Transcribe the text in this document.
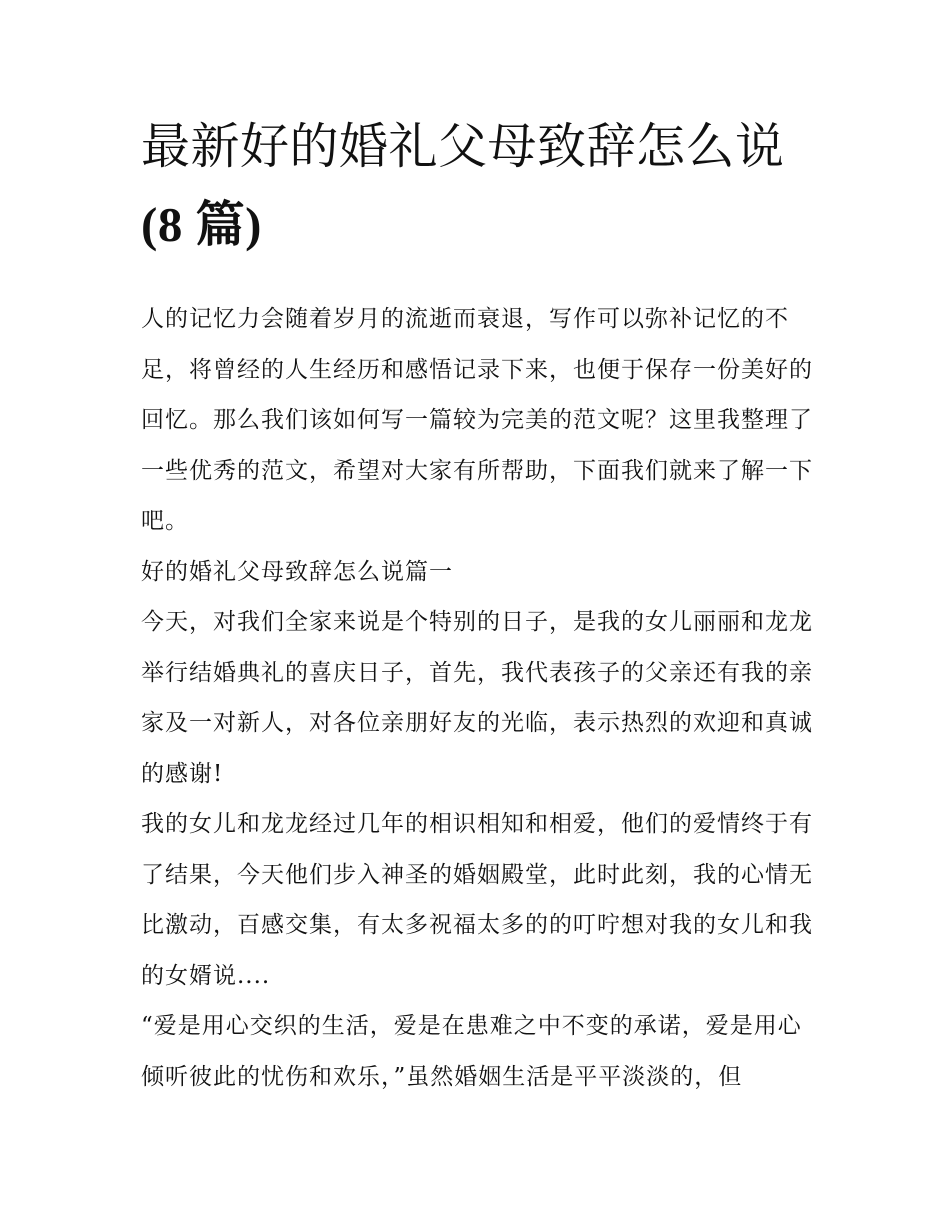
最新好的婚礼父母致辞怎么说
(8 篇)

人的记忆力会随着岁月的流逝而衰退，写作可以弥补记忆的不足，将曾经的人生经历和感悟记录下来，也便于保存一份美好的回忆。那么我们该如何写一篇较为完美的范文呢？这里我整理了一些优秀的范文，希望对大家有所帮助，下面我们就来了解一下吧。

好的婚礼父母致辞怎么说篇一

今天，对我们全家来说是个特别的日子，是我的女儿丽丽和龙龙举行结婚典礼的喜庆日子，首先，我代表孩子的父亲还有我的亲家及一对新人，对各位亲朋好友的光临，表示热烈的欢迎和真诚的感谢!

我的女儿和龙龙经过几年的相识相知和相爱，他们的爱情终于有了结果，今天他们步入神圣的婚姻殿堂，此时此刻，我的心情无比激动，百感交集，有太多祝福太多的的叮咛想对我的女儿和我的女婿说....

“爱是用心交织的生活，爱是在患难之中不变的承诺，爱是用心倾听彼此的忧伤和欢乐，”虽然婚姻生活是平平淡淡的，但
